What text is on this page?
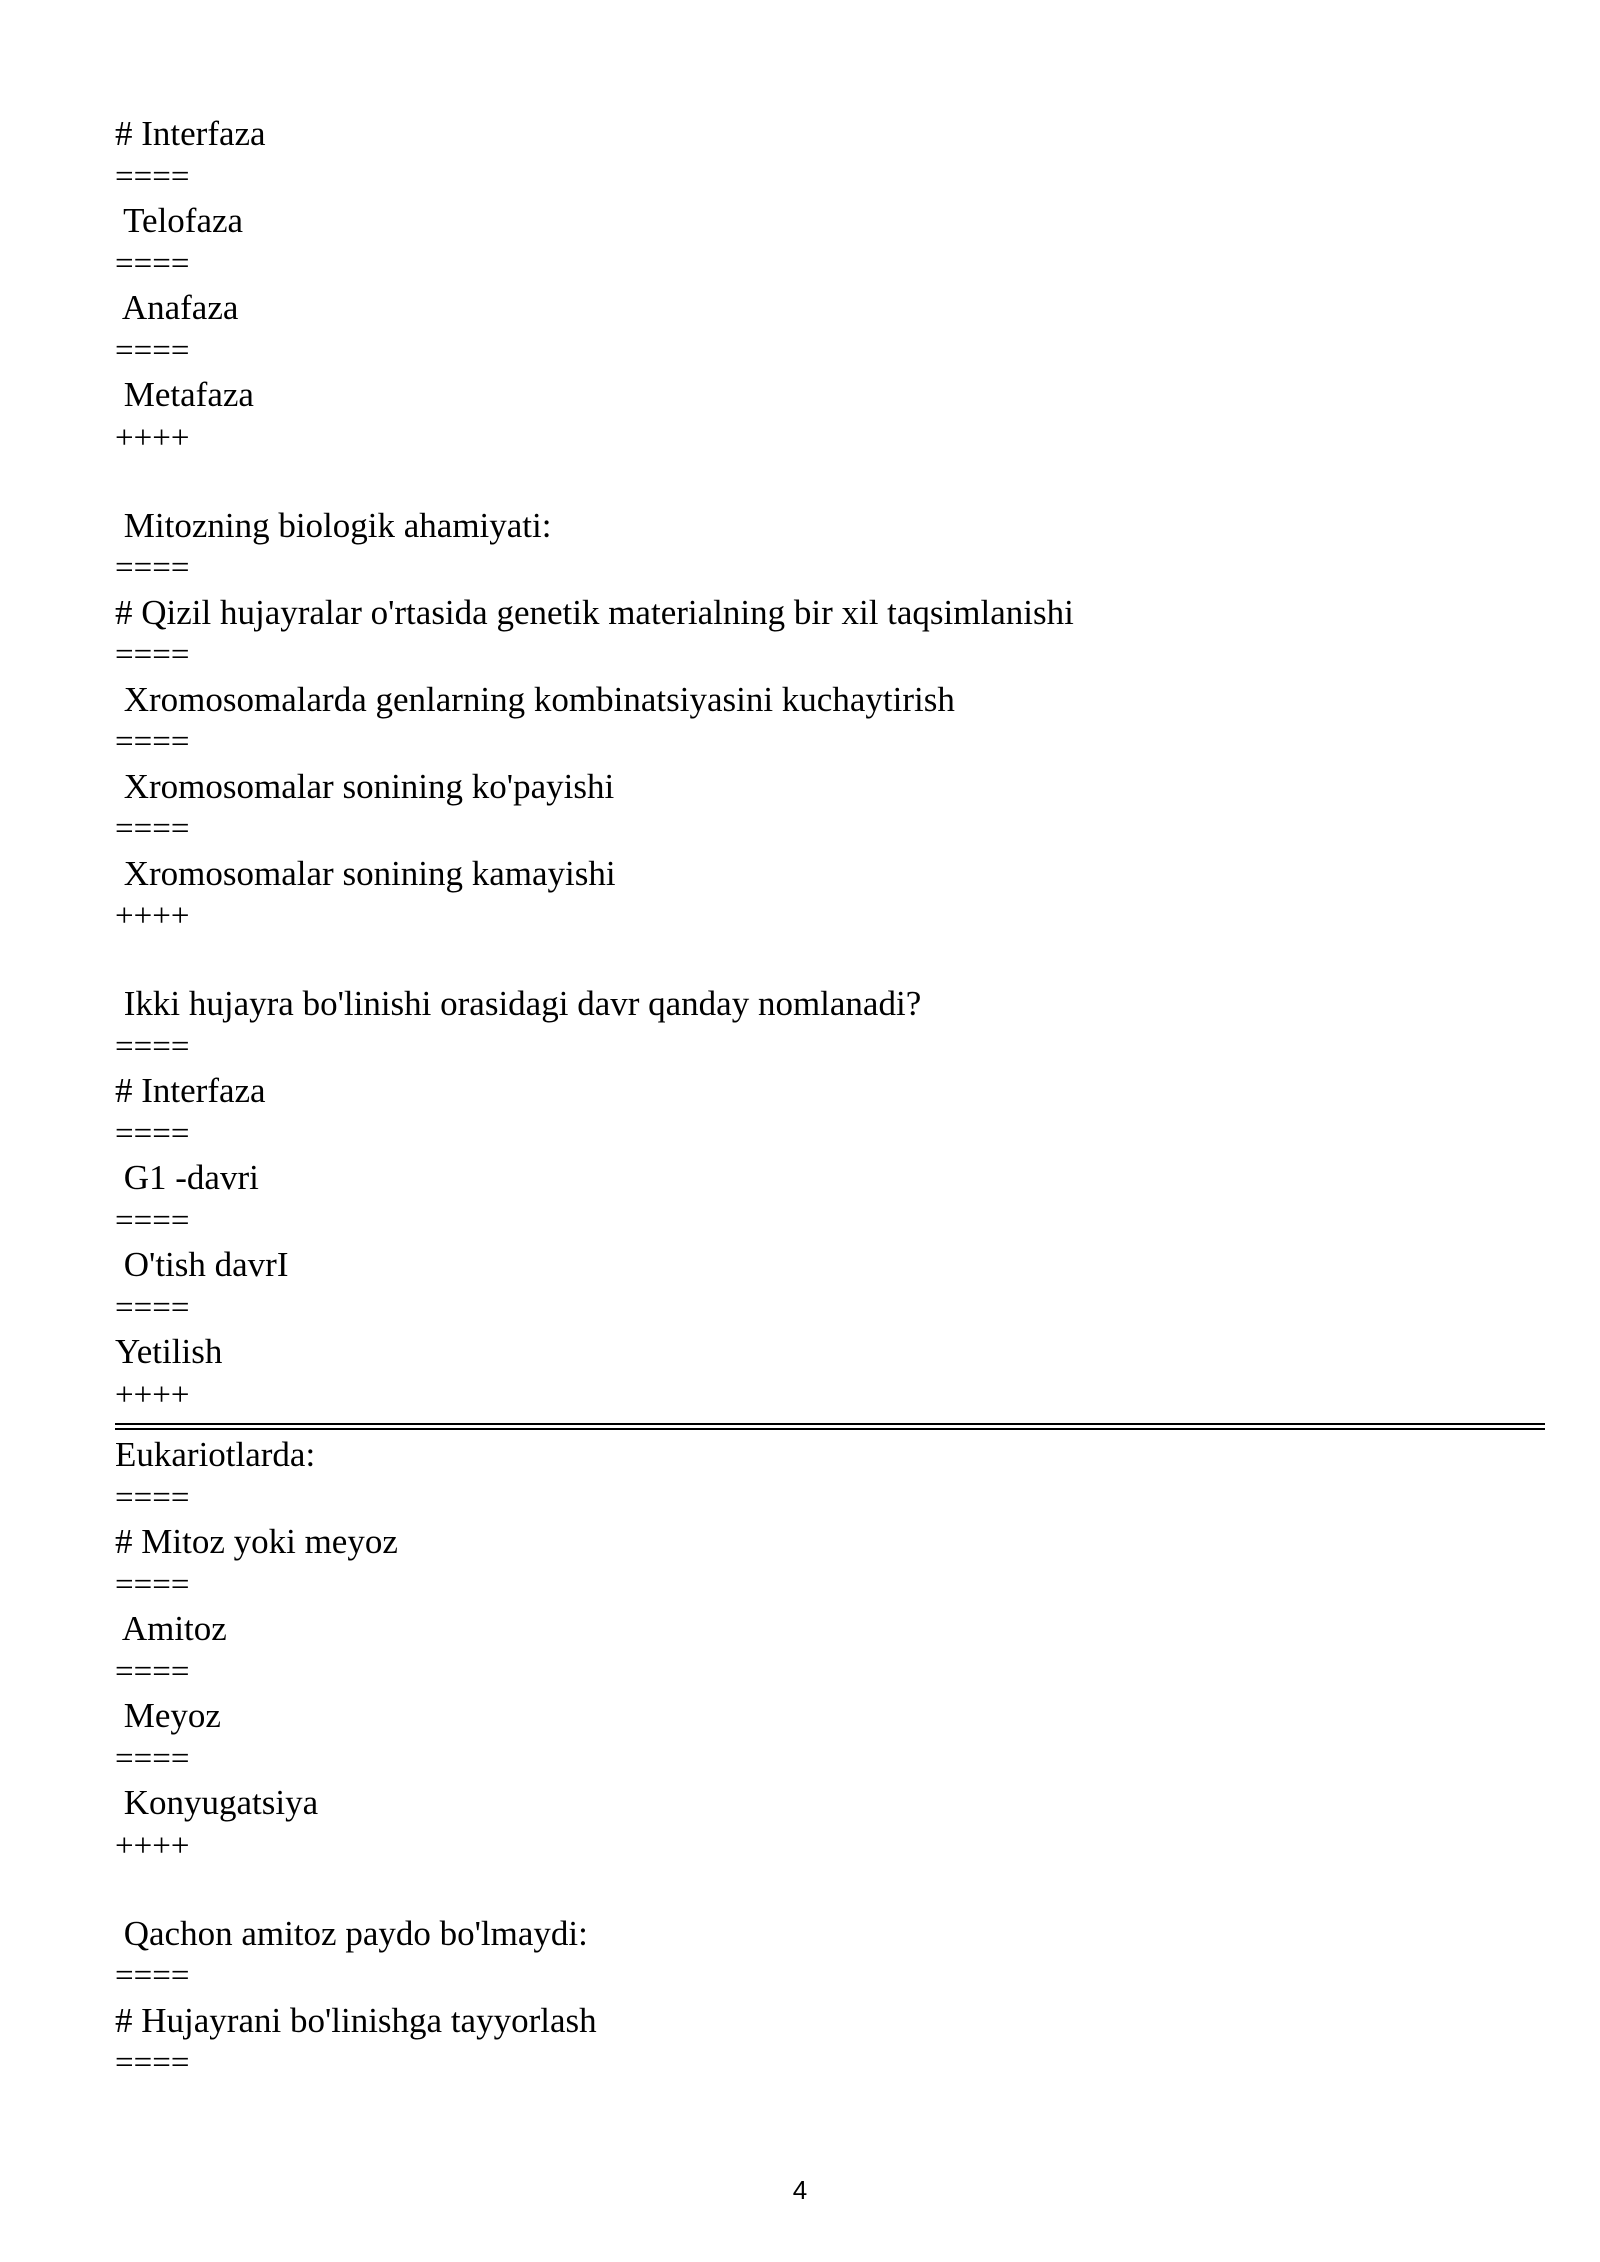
# Interfaza
====
Telofaza
====
Anafaza
====
Metafaza
++++
Mitozning biologik ahamiyati:
====
# Qizil hujayralar o'rtasida genetik materialning bir xil taqsimlanishi
====
Xromosomalarda genlarning kombinatsiyasini kuchaytirish
====
Xromosomalar sonining ko'payishi
====
Xromosomalar sonining kamayishi
++++
Ikki hujayra bo'linishi orasidagi davr qanday nomlanadi?
====
# Interfaza
====
G1 -davri
====
O'tish davrI
====
Yetilish
++++
Eukariotlarda:
====
# Mitoz yoki meyoz
====
Amitoz
====
Meyoz
====
Konyugatsiya
++++
Qachon amitoz paydo bo'lmaydi:
====
# Hujayrani bo'linishga tayyorlash
====
4
